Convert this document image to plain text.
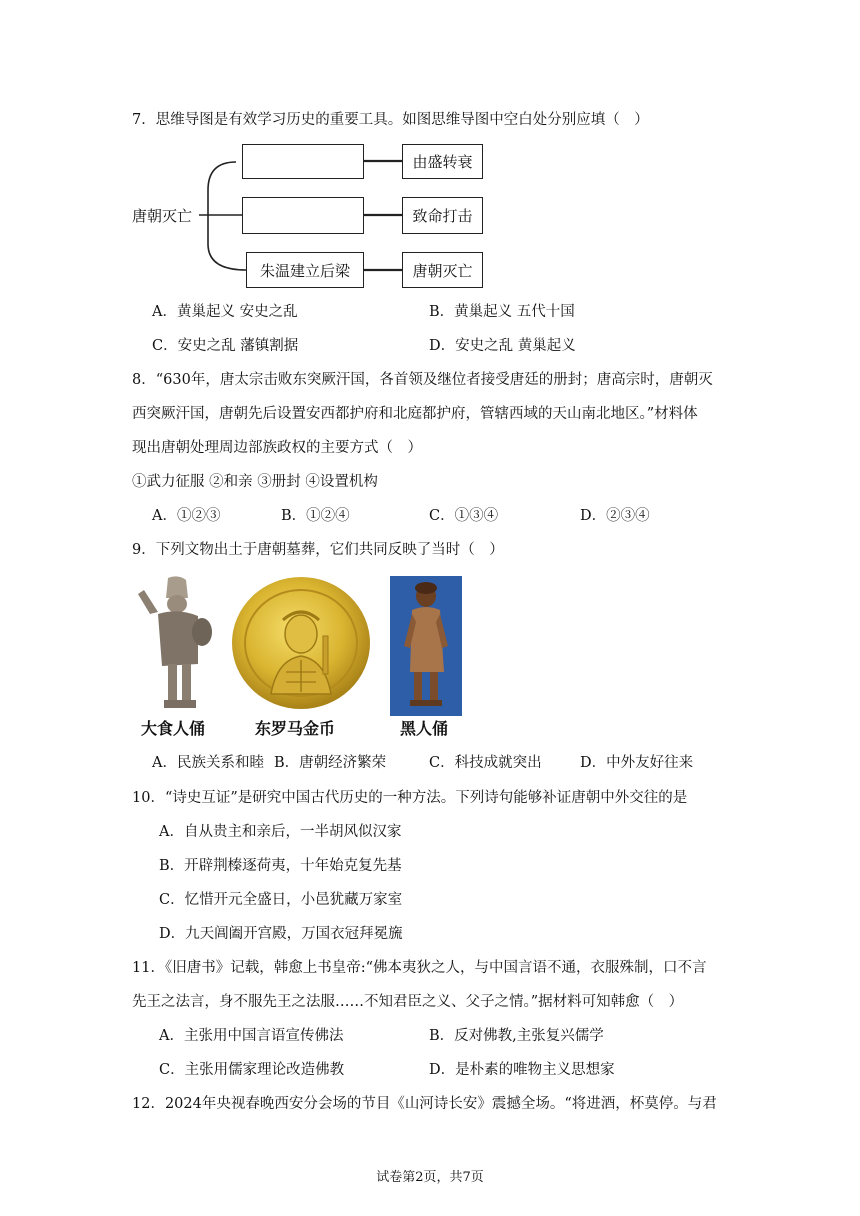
7．思维导图是有效学习历史的重要工具。如图思维导图中空白处分别应填（　）
唐朝灭亡
朱温建立后梁
由盛转衰
致命打击
唐朝灭亡
A．黄巢起义 安史之乱	B．黄巢起义 五代十国
C．安史之乱 藩镇割据	D．安史之乱 黄巢起义
8．“630年，唐太宗击败东突厥汗国，各首领及继位者接受唐廷的册封；唐高宗时，唐朝灭
西突厥汗国，唐朝先后设置安西都护府和北庭都护府，管辖西域的天山南北地区。”材料体
现出唐朝处理周边部族政权的主要方式（　）
①武力征服 ②和亲 ③册封 ④设置机构
A．①②③	B．①②④	C．①③④	D．②③④
9．下列文物出土于唐朝墓葬，它们共同反映了当时（　）
大食人俑	东罗马金币	黑人俑
A．民族关系和睦 B．唐朝经济繁荣	C．科技成就突出	D．中外友好往来
10．“诗史互证”是研究中国古代历史的一种方法。下列诗句能够补证唐朝中外交往的是
A．自从贵主和亲后，一半胡风似汉家
B．开辟荆榛逐荷夷，十年始克复先基
C．忆惜开元全盛日，小邑犹藏万家室
D．九天阊阖开宫殿，万国衣冠拜冕旒
11．《旧唐书》记载，韩愈上书皇帝:“佛本夷狄之人，与中国言语不通，衣服殊制，口不言
先王之法言，身不服先王之法服……不知君臣之义、父子之情。”据材料可知韩愈（　）
A．主张用中国言语宣传佛法	B．反对佛教,主张复兴儒学
C．主张用儒家理论改造佛教	D．是朴素的唯物主义思想家
12．2024年央视春晚西安分会场的节目《山河诗长安》震撼全场。“将进酒，杯莫停。与君
试卷第2页，共7页
